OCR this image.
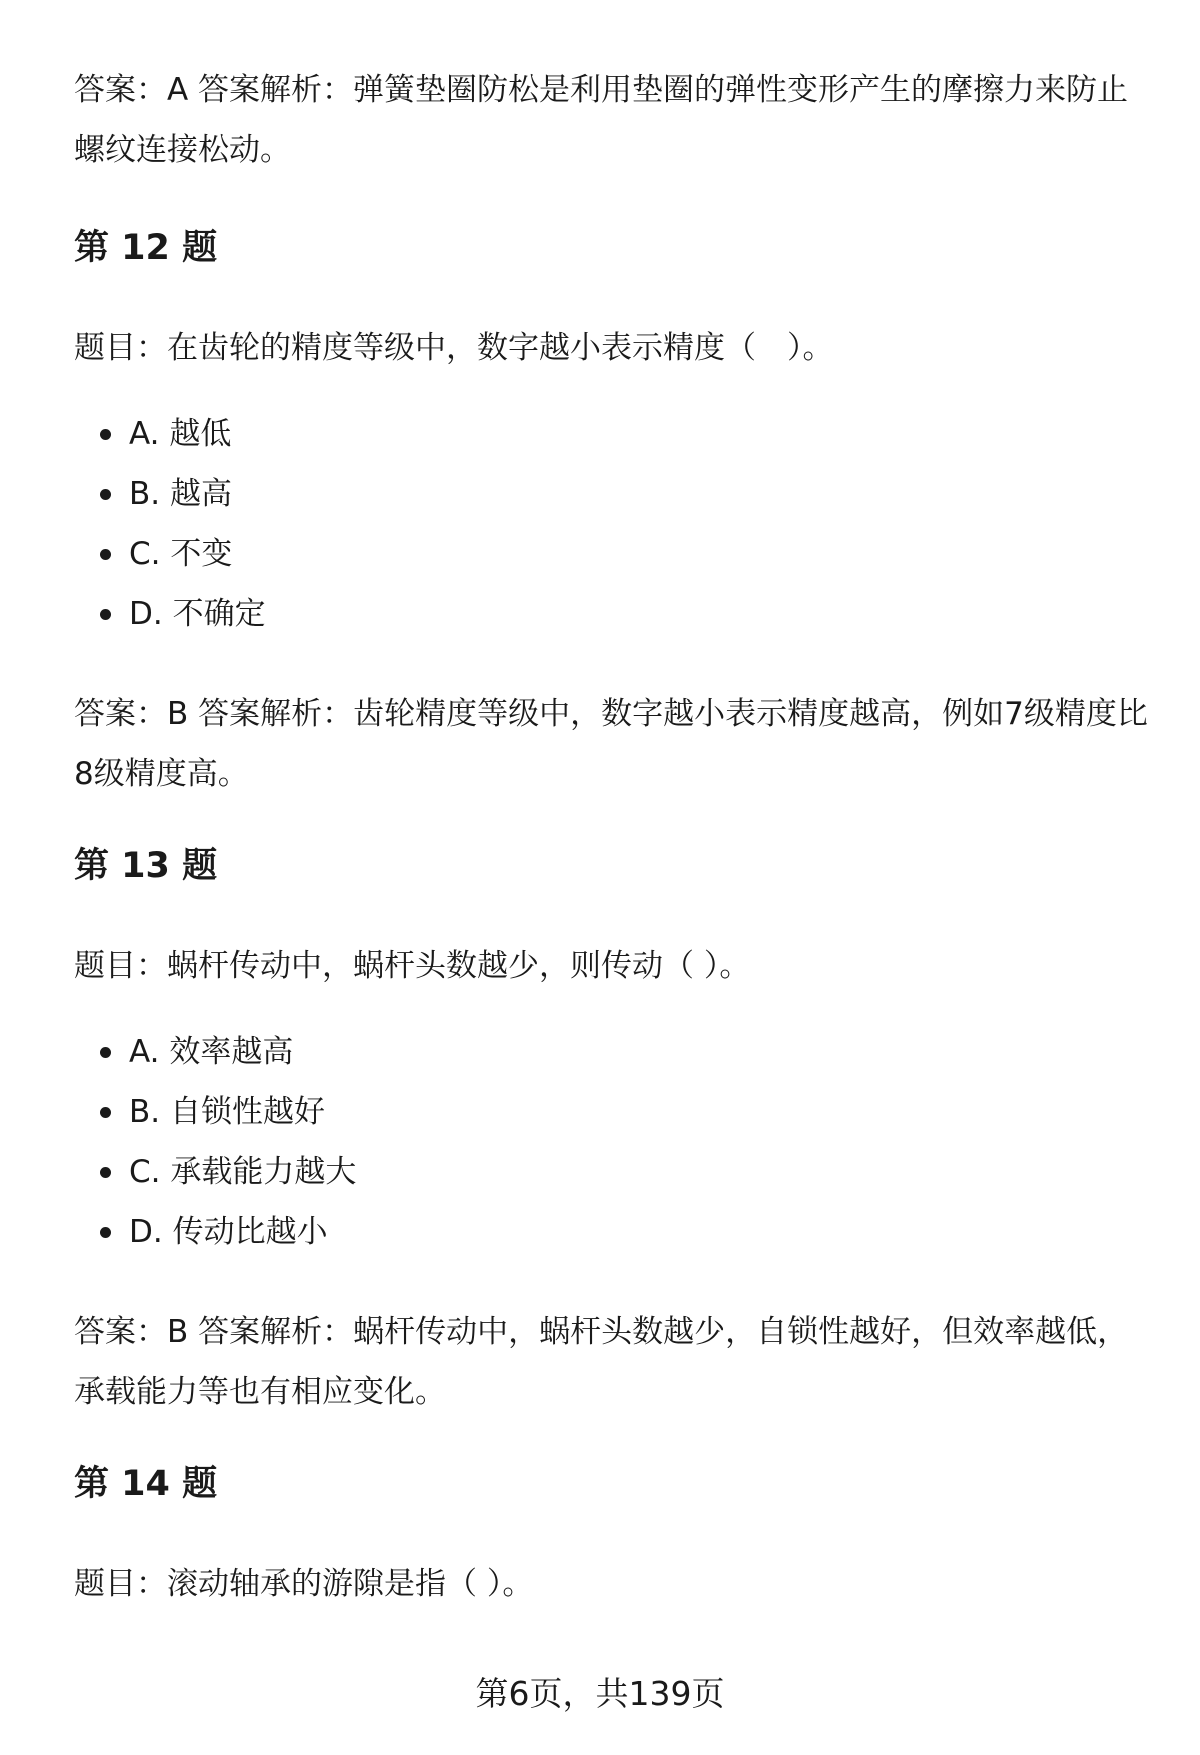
答案：A 答案解析：弹簧垫圈防松是利用垫圈的弹性变形产生的摩擦力来防止螺纹连接松动。

第 12 题

题目：在齿轮的精度等级中，数字越小表示精度（　）。

A. 越低
B. 越高
C. 不变
D. 不确定

答案：B 答案解析：齿轮精度等级中，数字越小表示精度越高，例如7级精度比8级精度高。

第 13 题

题目：蜗杆传动中，蜗杆头数越少，则传动（ ）。

A. 效率越高
B. 自锁性越好
C. 承载能力越大
D. 传动比越小

答案：B 答案解析：蜗杆传动中，蜗杆头数越少，自锁性越好，但效率越低，承载能力等也有相应变化。

第 14 题

题目：滚动轴承的游隙是指（ ）。

第6页，共139页
